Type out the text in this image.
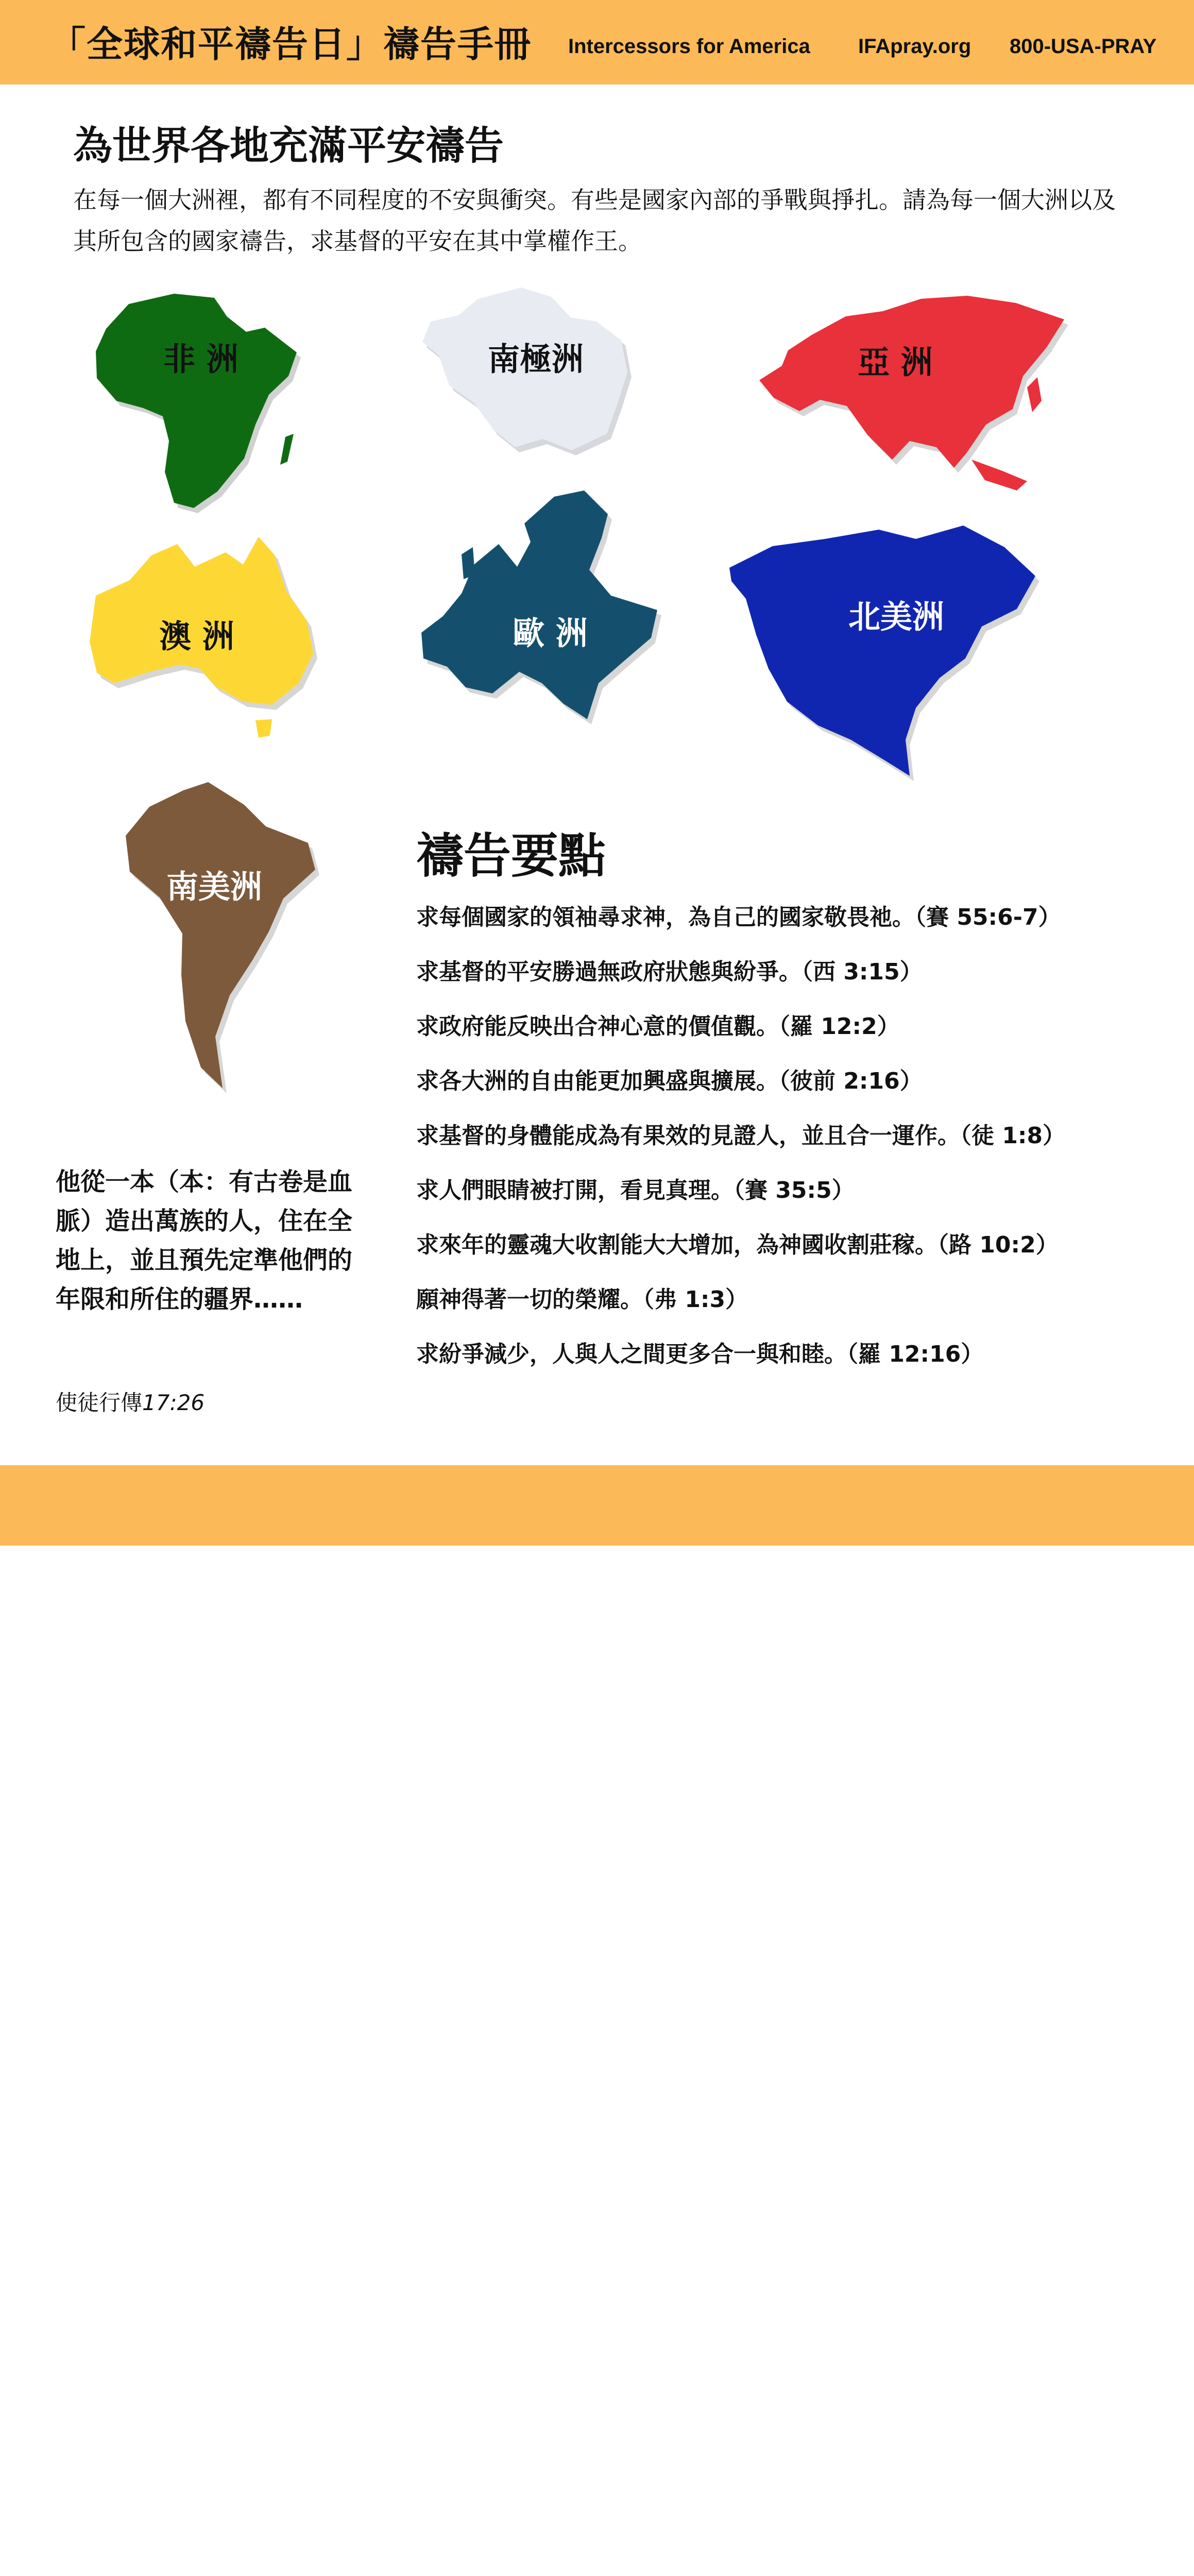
「全球和平禱告日」禱告手冊 Intercessors for America IFApray.org 800-USA-PRAY
為世界各地充滿平安禱告
在每一個大洲裡，都有不同程度的不安與衝突。有些是國家內部的爭戰與掙扎。請為每一個大洲以及其所包含的國家禱告，求基督的平安在其中掌權作王。
非 洲	南極洲	亞 洲
澳 洲	歐 洲	北美洲
南美洲
禱告要點
求每個國家的領袖尋求神，為自己的國家敬畏祂。（賽 55:6-7）
求基督的平安勝過無政府狀態與紛爭。（西 3:15）
求政府能反映出合神心意的價值觀。（羅 12:2）
求各大洲的自由能更加興盛與擴展。（彼前 2:16）
求基督的身體能成為有果效的見證人，並且合一運作。（徒 1:8）
求人們眼睛被打開，看見真理。（賽 35:5）
求來年的靈魂大收割能大大增加，為神國收割莊稼。（路 10:2）
願神得著一切的榮耀。（弗 1:3）
求紛爭減少，人與人之間更多合一與和睦。（羅 12:16）
他從一本（本：有古卷是血脈）造出萬族的人，住在全地上，並且預先定準他們的年限和所住的疆界……
使徒行傳17:26
